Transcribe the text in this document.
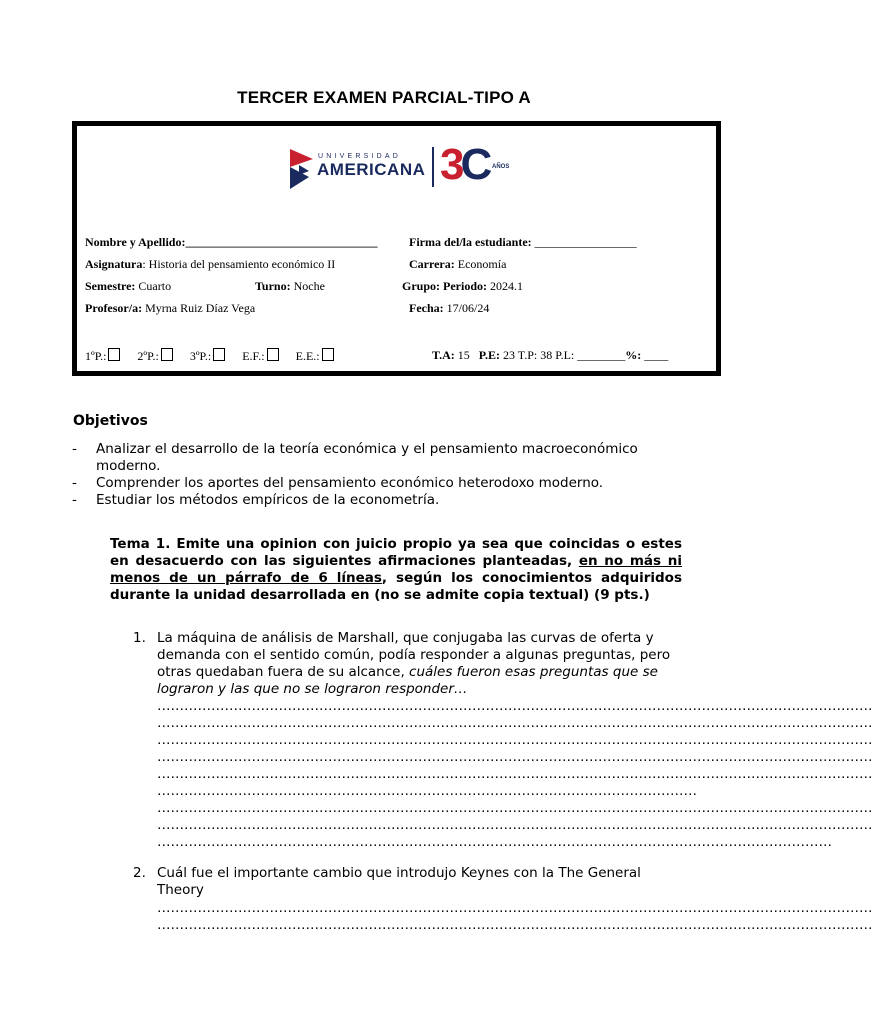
TERCER EXAMEN PARCIAL-TIPO A
UNIVERSIDAD
AMERICANA 3C AÑOS
Nombre y Apellido:________________________________	Firma del/la estudiante: _________________
Asignatura: Historia del pensamiento económico II	Carrera: Economía
Semestre: Cuarto	Turno: Noche	Grupo: Periodo: 2024.1
Profesor/a: Myrna Ruiz Díaz Vega	Fecha: 17/06/24
1ºP.:	2ºP.:	3ºP.:	E.F.:	E.E.:	T.A: 15 P.E: 23 T.P: 38 P.L: ________%: ____
Objetivos
- Analizar el desarrollo de la teoría económica y el pensamiento macroeconómico moderno.
- Comprender los aportes del pensamiento económico heterodoxo moderno.
- Estudiar los métodos empíricos de la econometría.
Tema 1. Emite una opinion con juicio propio ya sea que coincidas o estes en desacuerdo con las siguientes afirmaciones planteadas, en no más ni menos de un párrafo de 6 líneas, según los conocimientos adquiridos durante la unidad desarrollada en (no se admite copia textual) (9 pts.)
1. La máquina de análisis de Marshall, que conjugaba las curvas de oferta y demanda con el sentido común, podía responder a algunas preguntas, pero otras quedaban fuera de su alcance, cuáles fueron esas preguntas que se lograron y las que no se lograron responder…
……………………………………………………………………………………………………………………………………………
……………………………………………………………………………………………………………………………………………
……………………………………………………………………………………………………………………………………………
……………………………………………………………………………………………………………………………………………
……………………………………………………………………………………………………………………………………………
…………………………………………………………………………………………………………
……………………………………………………………………………………………………………………………………………
……………………………………………………………………………………………………………………………………………
……………………………………………………………………………………………………………………………………
2. Cuál fue el importante cambio que introdujo Keynes con la The General Theory
……………………………………………………………………………………………………………………………………………
……………………………………………………………………………………………………………………………………………
